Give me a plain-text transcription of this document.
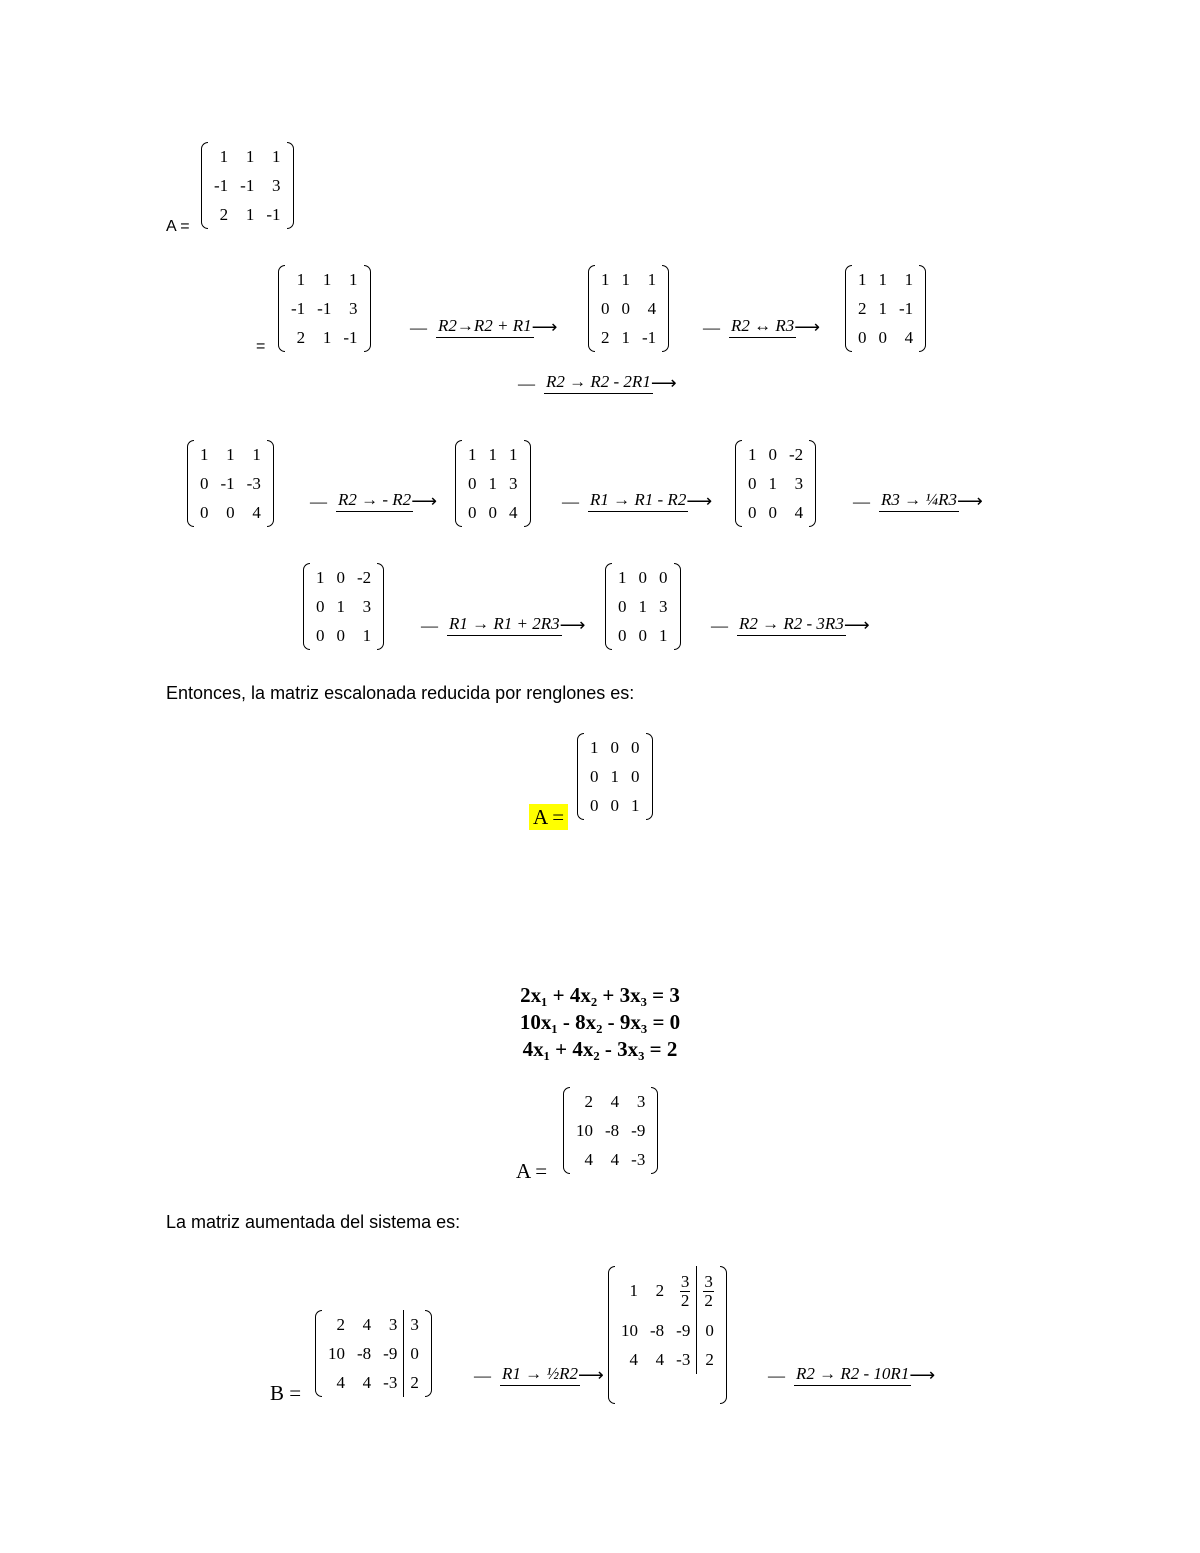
A =
1	1	1
-1	-1	3
2	1	-1
=
1	1	1
-1	-1	3
2	1	-1	— R2→R2 + R1 ⟶
1	1	1
0	0	4
2	1	-1	— R2 ↔ R3 ⟶
1	1	1
2	1	-1
0	0	4
— R2 → R2 - 2R1 ⟶
1	1	1
0	-1	-3
0	0	4
— R2 → - R2 ⟶
1	1	1
0	1	3
0	0	4
— R1 → R1 - R2 ⟶
1	0	-2
0	1	3
0	0	4
— R3 → ¼R3 ⟶
1	0	-2
0	1	3
0	0	1	— R1 → R1 + 2R3 ⟶
1	0	0
0	1	3
0	0	1	— R2 → R2 - 3R3 ⟶
Entonces, la matriz escalonada reducida por renglones es:
A =
1	0	0
0	1	0
0	0	1
2x₁ + 4x₂ + 3x₃ = 3
10x₁ - 8x₂ - 9x₃ = 0
4x₁ + 4x₂ - 3x₃ = 2
A =
2	4	3
10	-8	-9
4	4	-3
La matriz aumentada del sistema es:
B =
2	4	3	3
10	-8	-9	0
4	4	-3	2	— R1 → ½R2 ⟶
1	2	$\frac{3}{2}$	$\frac{3}{2}$

10	-8	-9	0
4	4	-3	2

— R2 → R2 - 10R1 ⟶
